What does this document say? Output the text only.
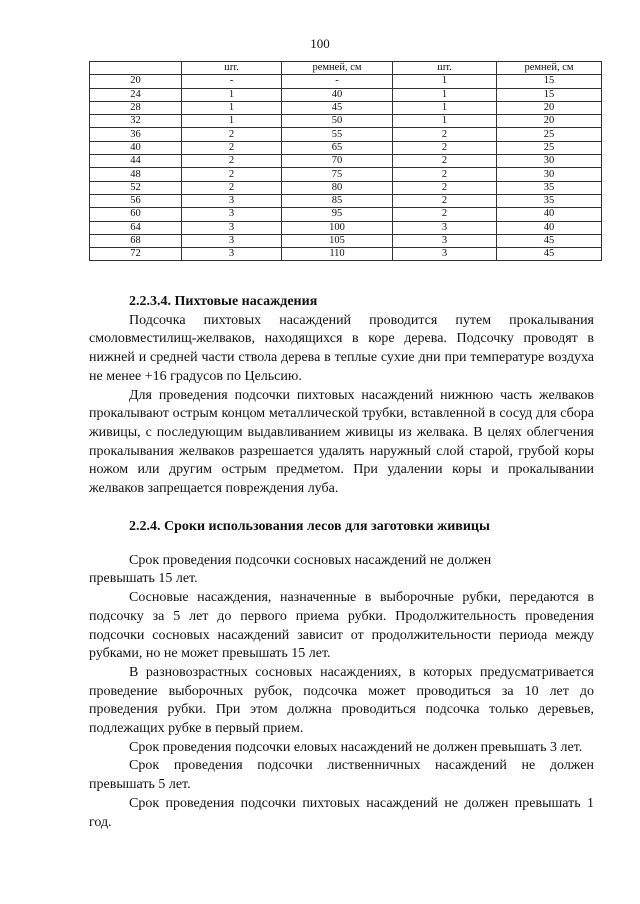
100
	шт.	ремней, см	шт.	ремней, см
20	-	-	1	15
24	1	40	1	15
28	1	45	1	20
32	1	50	1	20
36	2	55	2	25
40	2	65	2	25
44	2	70	2	30
48	2	75	2	30
52	2	80	2	35
56	3	85	2	35
60	3	95	2	40
64	3	100	3	40
68	3	105	3	45
72	3	110	3	45

2.2.3.4. Пихтовые насаждения

Подсочка пихтовых насаждений проводится путем прокалывания смоловместилищ-желваков, находящихся в коре дерева. Подсочку проводят в нижней и средней части ствола дерева в теплые сухие дни при температуре воздуха не менее +16 градусов по Цельсию.

Для проведения подсочки пихтовых насаждений нижнюю часть желваков прокалывают острым концом металлической трубки, вставленной в сосуд для сбора живицы, с последующим выдавливанием живицы из желвака. В целях облегчения прокалывания желваков разрешается удалять наружный слой старой, грубой коры ножом или другим острым предметом. При удалении коры и прокалывании желваков запрещается повреждения луба.

2.2.4. Сроки использования лесов для заготовки живицы

Срок проведения подсочки сосновых насаждений не должен

превышать 15 лет.

Сосновые насаждения, назначенные в выборочные рубки, передаются в подсочку за 5 лет до первого приема рубки. Продолжительность проведения подсочки сосновых насаждений зависит от продолжительности периода между рубками, но не может превышать 15 лет.

В разновозрастных сосновых насаждениях, в которых предусматривается проведение выборочных рубок, подсочка может проводиться за 10 лет до проведения рубки. При этом должна проводиться подсочка только деревьев, подлежащих рубке в первый прием.

Срок проведения подсочки еловых насаждений не должен превышать 3 лет.

Срок проведения подсочки лиственничных насаждений не должен превышать 5 лет.

Срок проведения подсочки пихтовых насаждений не должен превышать 1 год.
